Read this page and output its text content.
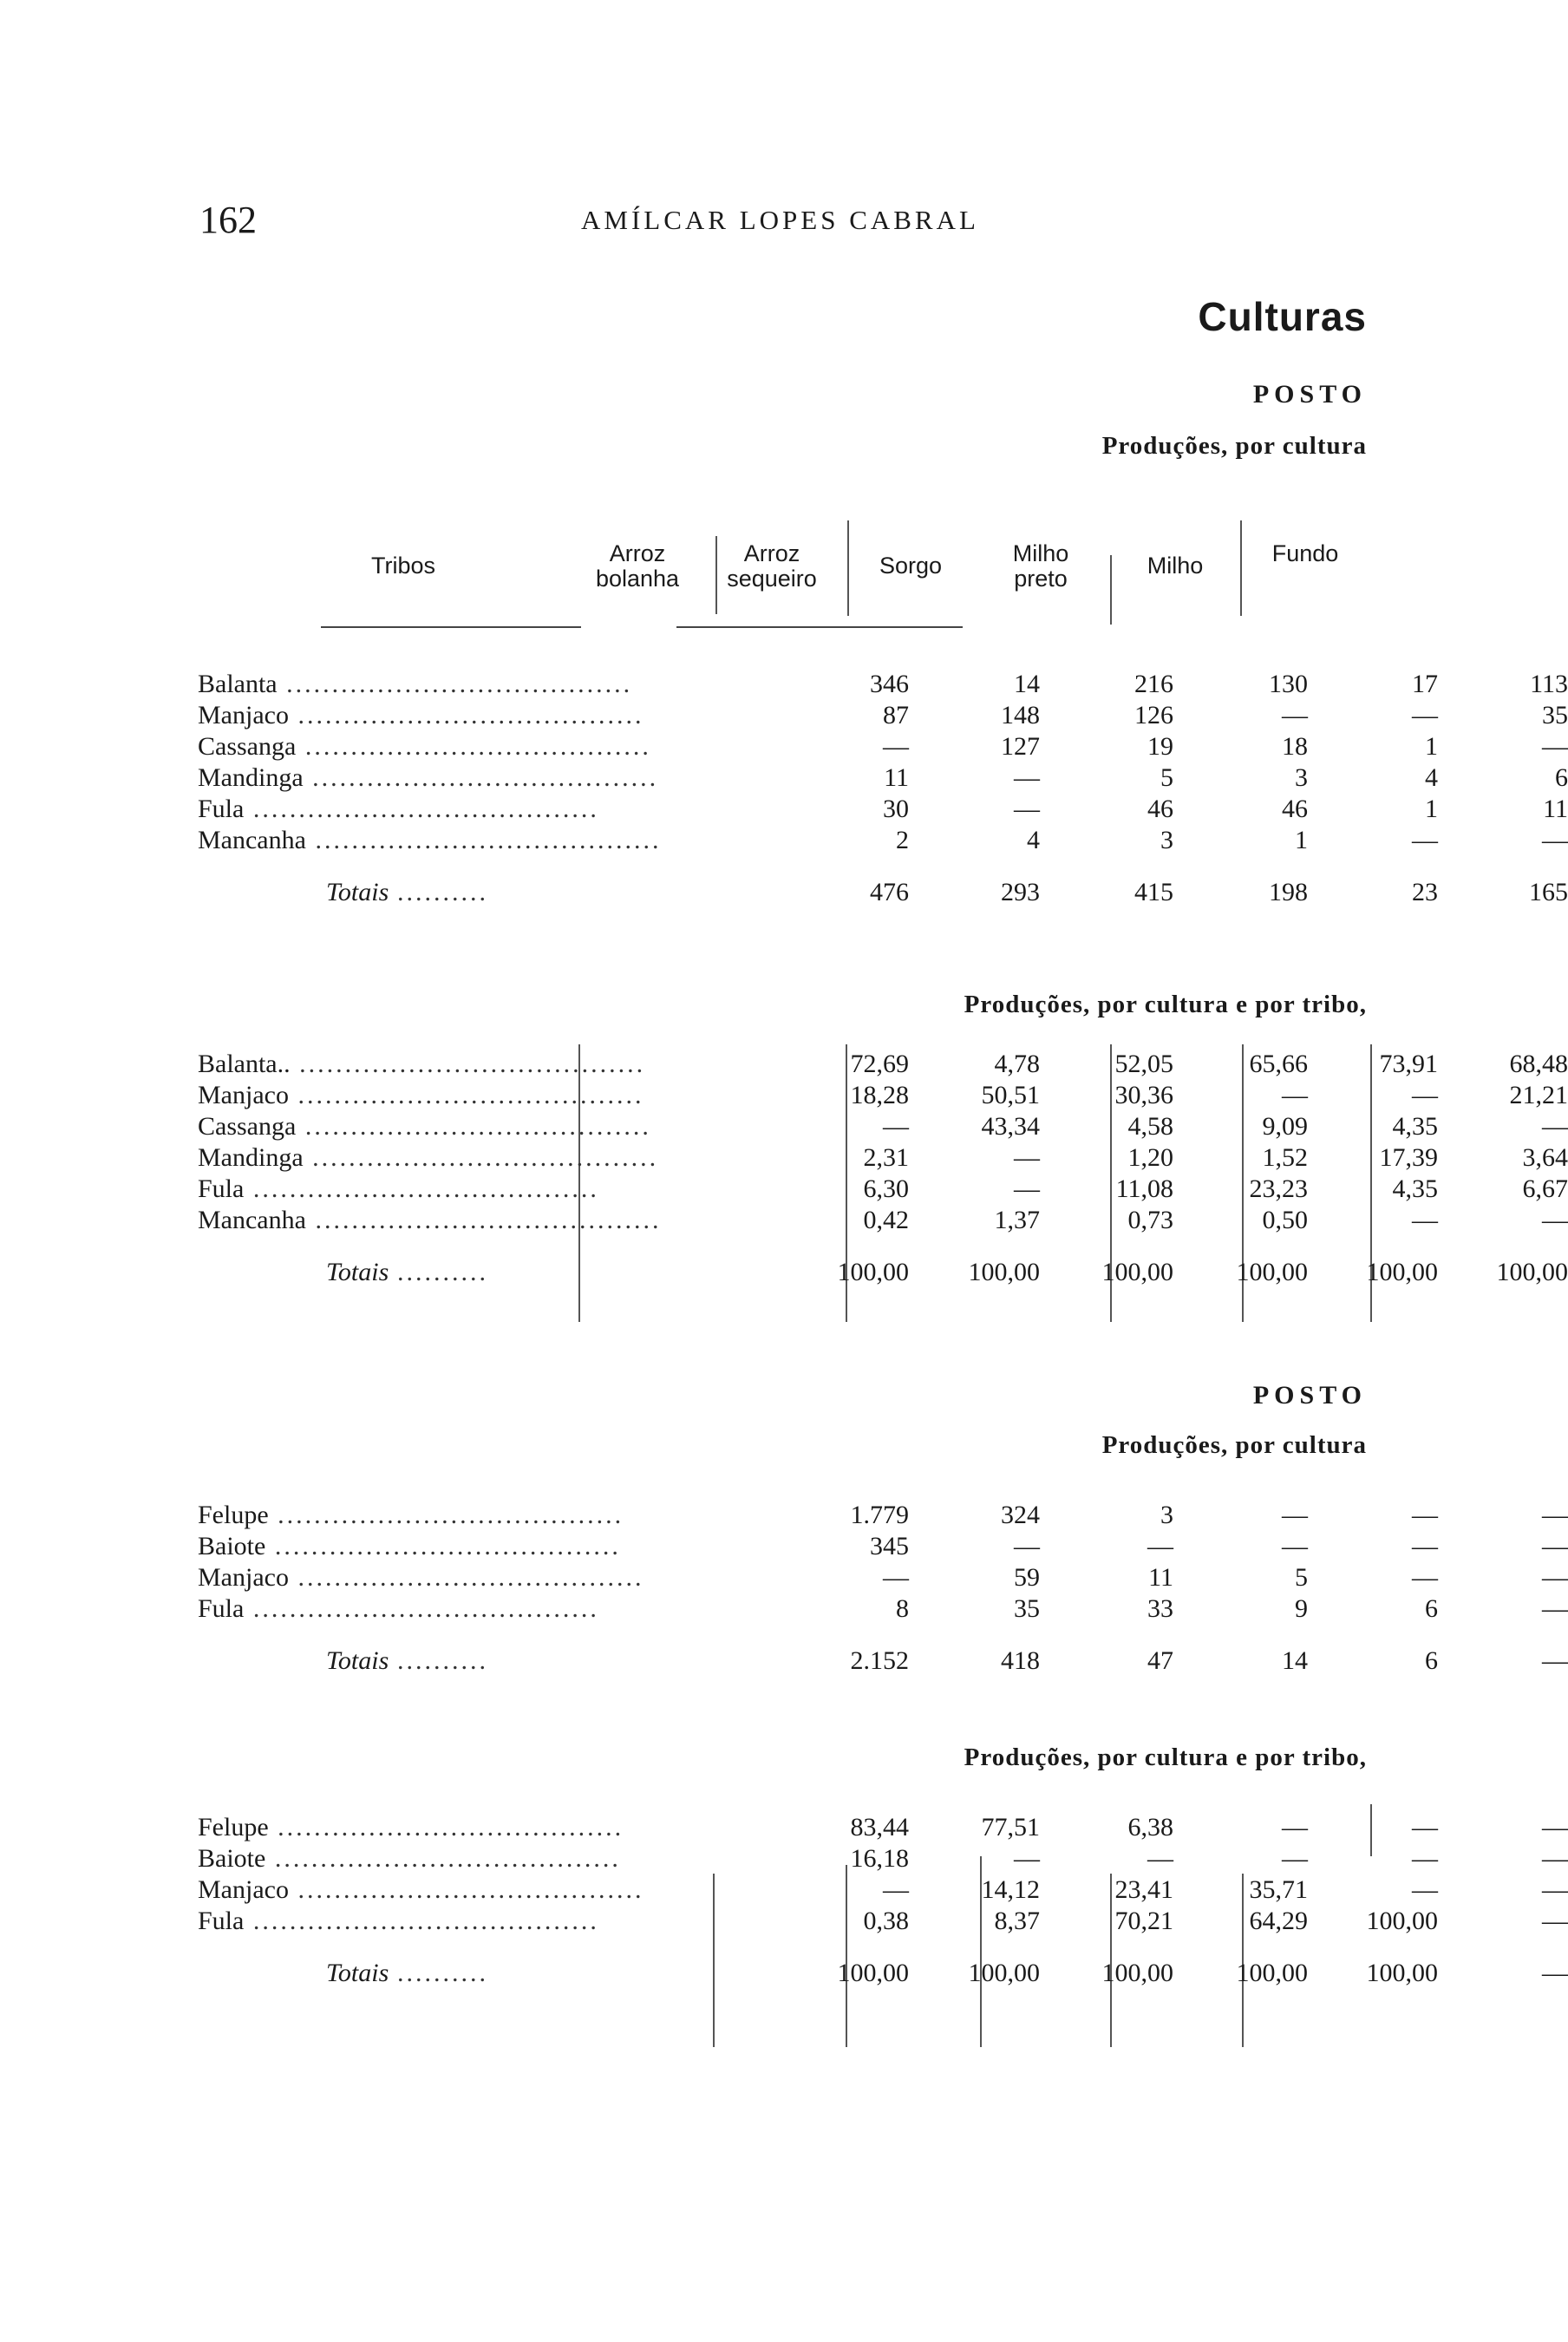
162	AMÍLCAR LOPES CABRAL
Culturas
POSTO
Produções, por cultura
Tribos	Arroz
bolanha
Arroz
sequeiro	Sorgo	Milho
preto	Milho	Fundo
Balanta ......................................	346	14	216	130	17	113
Manjaco ......................................	87	148	126	—	—	35
Cassanga ......................................	—	127	19	18	1	—
Mandinga ......................................	11	—	5	3	4	6
Fula ......................................	30	—	46	46	1	11
Mancanha ......................................	2	4	3	1	—	—
Totais ..........	476	293	415	198	23	165
Produções, por cultura e por tribo,
Balanta.. ......................................	72,69	4,78	52,05	65,66	73,91	68,48
Manjaco ......................................	18,28	50,51	30,36	—	—	21,21
Cassanga ......................................	—	43,34	4,58	9,09	4,35	—
Mandinga ......................................	2,31	—	1,20	1,52	17,39	3,64
Fula ......................................	6,30	—	11,08	23,23	4,35	6,67
Mancanha ......................................	0,42	1,37	0,73	0,50	—	—
Totais ..........	100,00	100,00	100,00	100,00	100,00	100,00
POSTO
Produções, por cultura
Felupe ......................................	1.779	324	3	—	—	—
Baiote ......................................	345	—	—	—	—	—
Manjaco ......................................	—	59	11	5	—	—
Fula ......................................	8	35	33	9	6	—
Totais ..........	2.152	418	47	14	6	—
Produções, por cultura e por tribo,
Felupe ......................................	83,44	77,51	6,38	—	—	—
Baiote ......................................	16,18	—	—	—	—	—
Manjaco ......................................	—	14,12	23,41	35,71	—	—
Fula ......................................	0,38	8,37	70,21	64,29	100,00	—
Totais ..........	100,00	100,00	100,00	100,00	100,00	—
